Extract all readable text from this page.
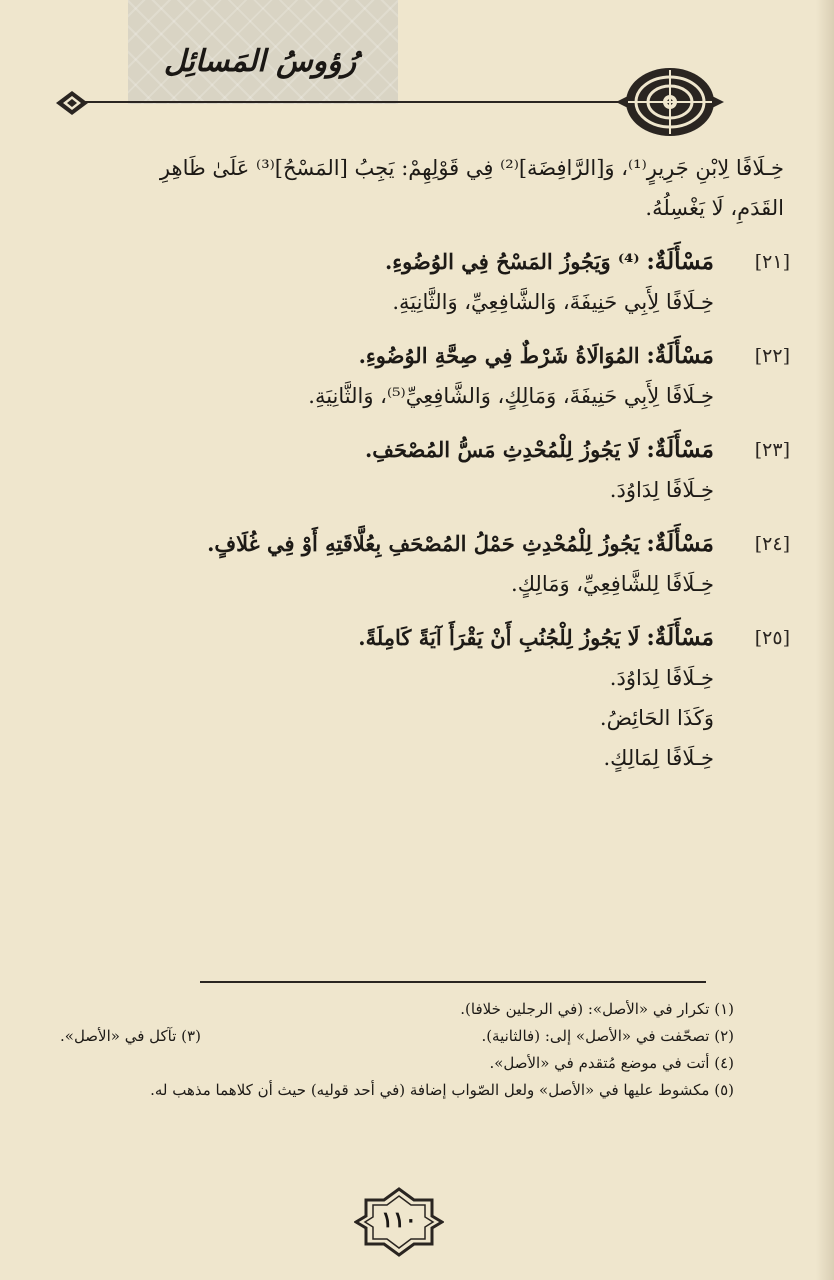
رُؤوسُ المَسائِل

خِـلَافًا لِابْنِ جَرِيرٍ⁽¹⁾، وَ[الرَّافِضَة]⁽²⁾ فِي قَوْلِهِمْ: يَجِبُ [المَسْحُ]⁽³⁾ عَلَىٰ ظَاهِرِ

القَدَمِ، لَا يَغْسِلُهُ.

[٢١]
مَسْأَلَةٌ: ⁽⁴⁾ وَيَجُوزُ المَسْحُ فِي الوُضُوءِ.
خِـلَافًا لِأَبِي حَنِيفَةَ، وَالشَّافِعِيِّ، وَالثَّانِيَةِ.
[٢٢]
مَسْأَلَةٌ: المُوَالَاةُ شَرْطٌ فِي صِحَّةِ الوُضُوءِ.
خِـلَافًا لِأَبِي حَنِيفَةَ، وَمَالِكٍ، وَالشَّافِعِيِّ⁽⁵⁾، وَالثَّانِيَةِ.
[٢٣]
مَسْأَلَةٌ: لَا يَجُوزُ لِلْمُحْدِثِ مَسُّ المُصْحَفِ.
خِـلَافًا لِدَاوُدَ.
[٢٤]
مَسْأَلَةٌ: يَجُوزُ لِلْمُحْدِثِ حَمْلُ المُصْحَفِ بِعُلَّاقَتِهِ أَوْ فِي غُلَافٍ.
خِـلَافًا لِلشَّافِعِيِّ، وَمَالِكٍ.
[٢٥]
مَسْأَلَةٌ: لَا يَجُوزُ لِلْجُنُبِ أَنْ يَقْرَأَ آيَةً كَامِلَةً.
خِـلَافًا لِدَاوُدَ.
وَكَذَا الحَائِضُ.
خِـلَافًا لِمَالِكٍ.
(١) تكرار في «الأصل»: (في الرجلين خلافا).
(٢) تصحّفت في «الأصل» إلى: (فالثانية).
(٣) تآكل في «الأصل».
(٤) أتت في موضع مُتقدم في «الأصل».
(٥) مكشوط عليها في «الأصل» ولعل الصّواب إضافة (في أحد قوليه) حيث أن كلاهما مذهب له.
١١٠
